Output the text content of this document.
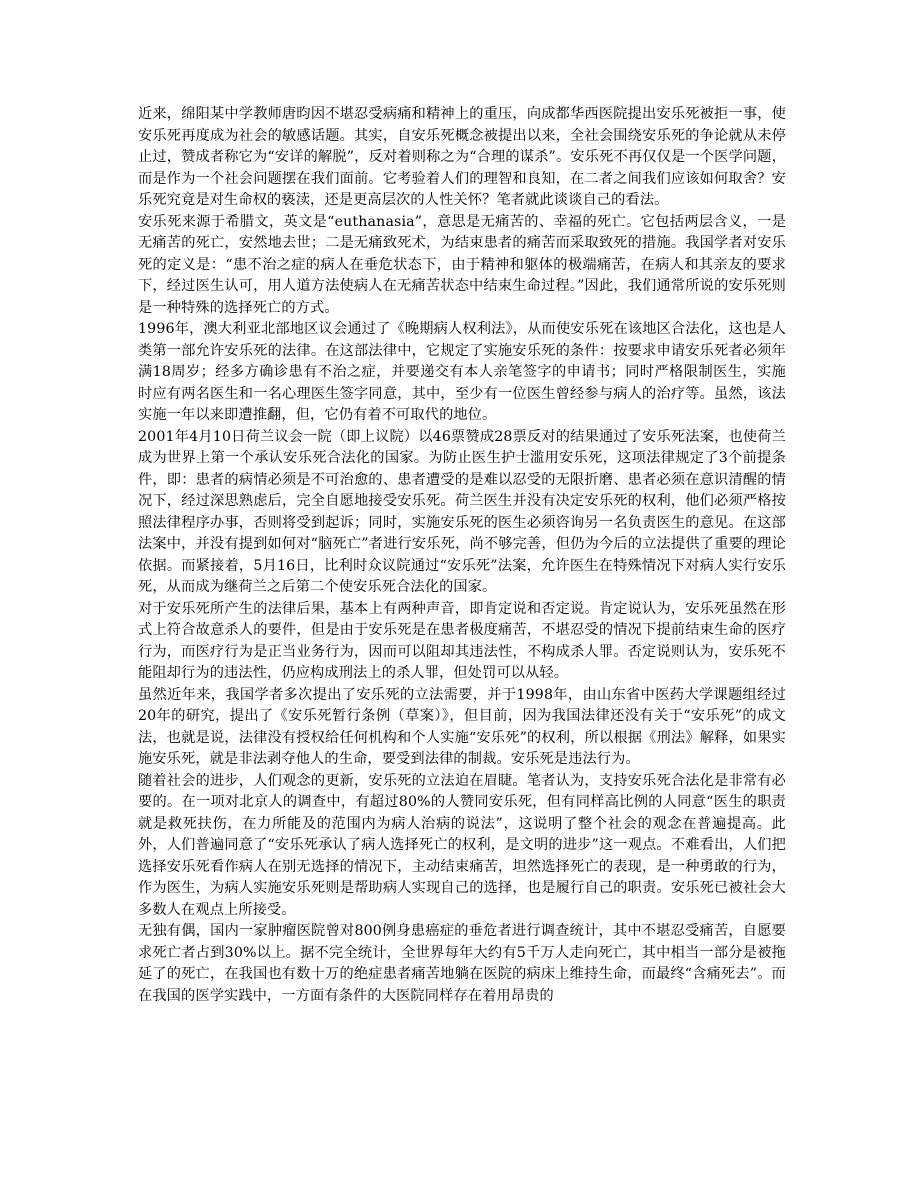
近来，绵阳某中学教师唐昀因不堪忍受病痛和精神上的重压，向成都华西医院提出安乐死被拒一事，使安乐死再度成为社会的敏感话题。其实，自安乐死概念被提出以来，全社会围绕安乐死的争论就从未停止过，赞成者称它为“安详的解脱”，反对着则称之为“合理的谋杀”。安乐死不再仅仅是一个医学问题，而是作为一个社会问题摆在我们面前。它考验着人们的理智和良知，在二者之间我们应该如何取舍？安乐死究竟是对生命权的亵渎，还是更高层次的人性关怀？笔者就此谈谈自己的看法。

安乐死来源于希腊文，英文是“euthanasia”，意思是无痛苦的、幸福的死亡。它包括两层含义，一是无痛苦的死亡，安然地去世；二是无痛致死术，为结束患者的痛苦而采取致死的措施。我国学者对安乐死的定义是：“患不治之症的病人在垂危状态下，由于精神和躯体的极端痛苦，在病人和其亲友的要求下，经过医生认可，用人道方法使病人在无痛苦状态中结束生命过程。”因此，我们通常所说的安乐死则是一种特殊的选择死亡的方式。

1996年，澳大利亚北部地区议会通过了《晚期病人权利法》，从而使安乐死在该地区合法化，这也是人类第一部允许安乐死的法律。在这部法律中，它规定了实施安乐死的条件：按要求申请安乐死者必须年满18周岁；经多方确诊患有不治之症，并要递交有本人亲笔签字的申请书；同时严格限制医生，实施时应有两名医生和一名心理医生签字同意，其中，至少有一位医生曾经参与病人的治疗等。虽然，该法实施一年以来即遭推翻，但，它仍有着不可取代的地位。

2001年4月10日荷兰议会一院（即上议院）以46票赞成28票反对的结果通过了安乐死法案，也使荷兰成为世界上第一个承认安乐死合法化的国家。为防止医生护士滥用安乐死，这项法律规定了3个前提条件，即：患者的病情必须是不可治愈的、患者遭受的是难以忍受的无限折磨、患者必须在意识清醒的情况下，经过深思熟虑后，完全自愿地接受安乐死。荷兰医生并没有决定安乐死的权利，他们必须严格按照法律程序办事，否则将受到起诉；同时，实施安乐死的医生必须咨询另一名负责医生的意见。在这部法案中，并没有提到如何对“脑死亡”者进行安乐死，尚不够完善，但仍为今后的立法提供了重要的理论依据。而紧接着，5月16日，比利时众议院通过“安乐死”法案，允许医生在特殊情况下对病人实行安乐死，从而成为继荷兰之后第二个使安乐死合法化的国家。

对于安乐死所产生的法律后果，基本上有两种声音，即肯定说和否定说。肯定说认为，安乐死虽然在形式上符合故意杀人的要件，但是由于安乐死是在患者极度痛苦，不堪忍受的情况下提前结束生命的医疗行为，而医疗行为是正当业务行为，因而可以阻却其违法性，不构成杀人罪。否定说则认为，安乐死不能阻却行为的违法性，仍应构成刑法上的杀人罪，但处罚可以从轻。

虽然近年来，我国学者多次提出了安乐死的立法需要，并于1998年，由山东省中医药大学课题组经过20年的研究，提出了《安乐死暂行条例（草案）》，但目前，因为我国法律还没有关于“安乐死”的成文法，也就是说，法律没有授权给任何机构和个人实施“安乐死”的权利，所以根据《刑法》解释，如果实施安乐死，就是非法剥夺他人的生命，要受到法律的制裁。安乐死是违法行为。

随着社会的进步，人们观念的更新，安乐死的立法迫在眉睫。笔者认为，支持安乐死合法化是非常有必要的。在一项对北京人的调查中，有超过80%的人赞同安乐死，但有同样高比例的人同意“医生的职责就是救死扶伤，在力所能及的范围内为病人治病的说法”，这说明了整个社会的观念在普遍提高。此外，人们普遍同意了“安乐死承认了病人选择死亡的权利，是文明的进步”这一观点。不难看出，人们把选择安乐死看作病人在别无选择的情况下，主动结束痛苦，坦然选择死亡的表现，是一种勇敢的行为，作为医生，为病人实施安乐死则是帮助病人实现自己的选择，也是履行自己的职责。安乐死已被社会大多数人在观点上所接受。

无独有偶，国内一家肿瘤医院曾对800例身患癌症的垂危者进行调查统计，其中不堪忍受痛苦，自愿要求死亡者占到30%以上。据不完全统计，全世界每年大约有5千万人走向死亡，其中相当一部分是被拖延了的死亡，在我国也有数十万的绝症患者痛苦地躺在医院的病床上维持生命，而最终“含痛死去”。而在我国的医学实践中，一方面有条件的大医院同样存在着用昂贵的
